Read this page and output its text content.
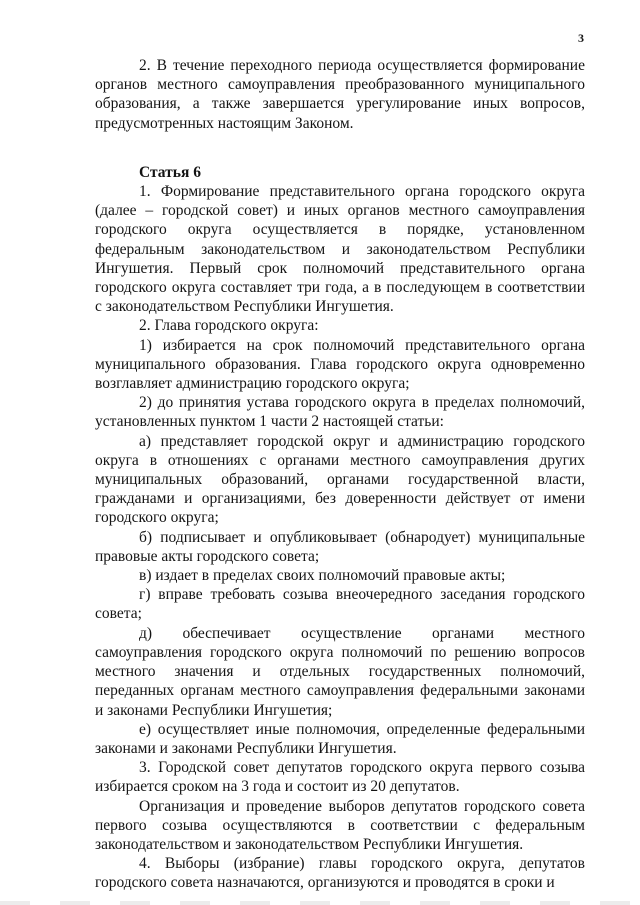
3

2. В течение переходного периода осуществляется формирование органов местного самоуправления преобразованного муниципального образования, а также завершается урегулирование иных вопросов, предусмотренных настоящим Законом.

Статья 6

1. Формирование представительного органа городского округа (далее – городской совет) и иных органов местного самоуправления городского округа осуществляется в порядке, установленном федеральным законодательством и законодательством Республики Ингушетия. Первый срок полномочий представительного органа городского округа составляет три года, а в последующем в соответствии с законодательством Республики Ингушетия.

2. Глава городского округа:

1) избирается на срок полномочий представительного органа муниципального образования. Глава городского округа одновременно возглавляет администрацию городского округа;

2) до принятия устава городского округа в пределах полномочий, установленных пунктом 1 части 2 настоящей статьи:

а) представляет городской округ и администрацию городского округа в отношениях с органами местного самоуправления других муниципальных образований, органами государственной власти, гражданами и организациями, без доверенности действует от имени городского округа;

б) подписывает и опубликовывает (обнародует) муниципальные правовые акты городского совета;

в) издает в пределах своих полномочий правовые акты;

г) вправе требовать созыва внеочередного заседания городского совета;

д) обеспечивает осуществление органами местного самоуправления городского округа полномочий по решению вопросов местного значения и отдельных государственных полномочий, переданных органам местного самоуправления федеральными законами и законами Республики Ингушетия;

е) осуществляет иные полномочия, определенные федеральными законами и законами Республики Ингушетия.

3. Городской совет депутатов городского округа первого созыва избирается сроком на 3 года и состоит из 20 депутатов.

Организация и проведение выборов депутатов городского совета первого созыва осуществляются в соответствии с федеральным законодательством и законодательством Республики Ингушетия.

4. Выборы (избрание) главы городского округа, депутатов городского совета назначаются, организуются и проводятся в сроки и
